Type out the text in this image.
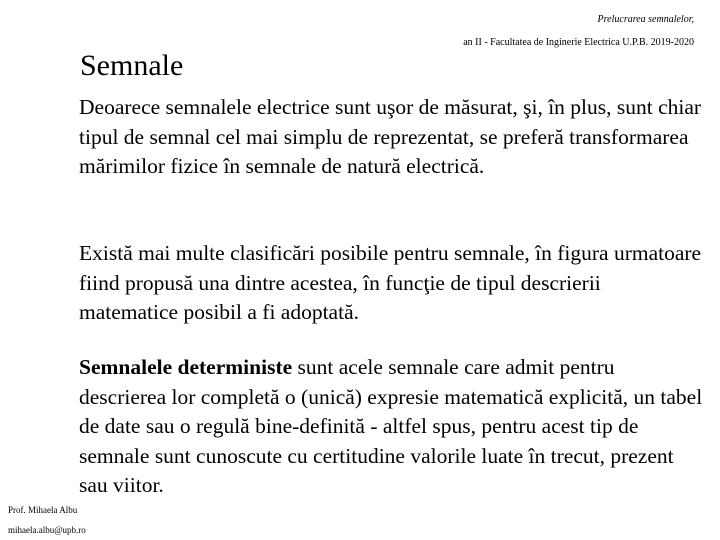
Prelucrarea semnalelor,
an II - Facultatea de Inginerie Electrica U.P.B. 2019-2020
Semnale

Deoarece semnalele electrice sunt uşor de măsurat, şi, în plus, sunt chiar tipul de semnal cel mai simplu de reprezentat, se preferă transformarea mărimilor fizice în semnale de natură electrică.

Există mai multe clasificări posibile pentru semnale, în figura urmatoare fiind propusă una dintre acestea, în funcţie de tipul descrierii matematice posibil a fi adoptată.

Semnalele deterministe sunt acele semnale care admit pentru descrierea lor completă o (unică) expresie matematică explicită, un tabel de date sau o regulă bine-definită - altfel spus, pentru acest tip de semnale sunt cunoscute cu certitudine valorile luate în trecut, prezent sau viitor.

Prof. Mihaela Albu
mihaela.albu@upb.ro
